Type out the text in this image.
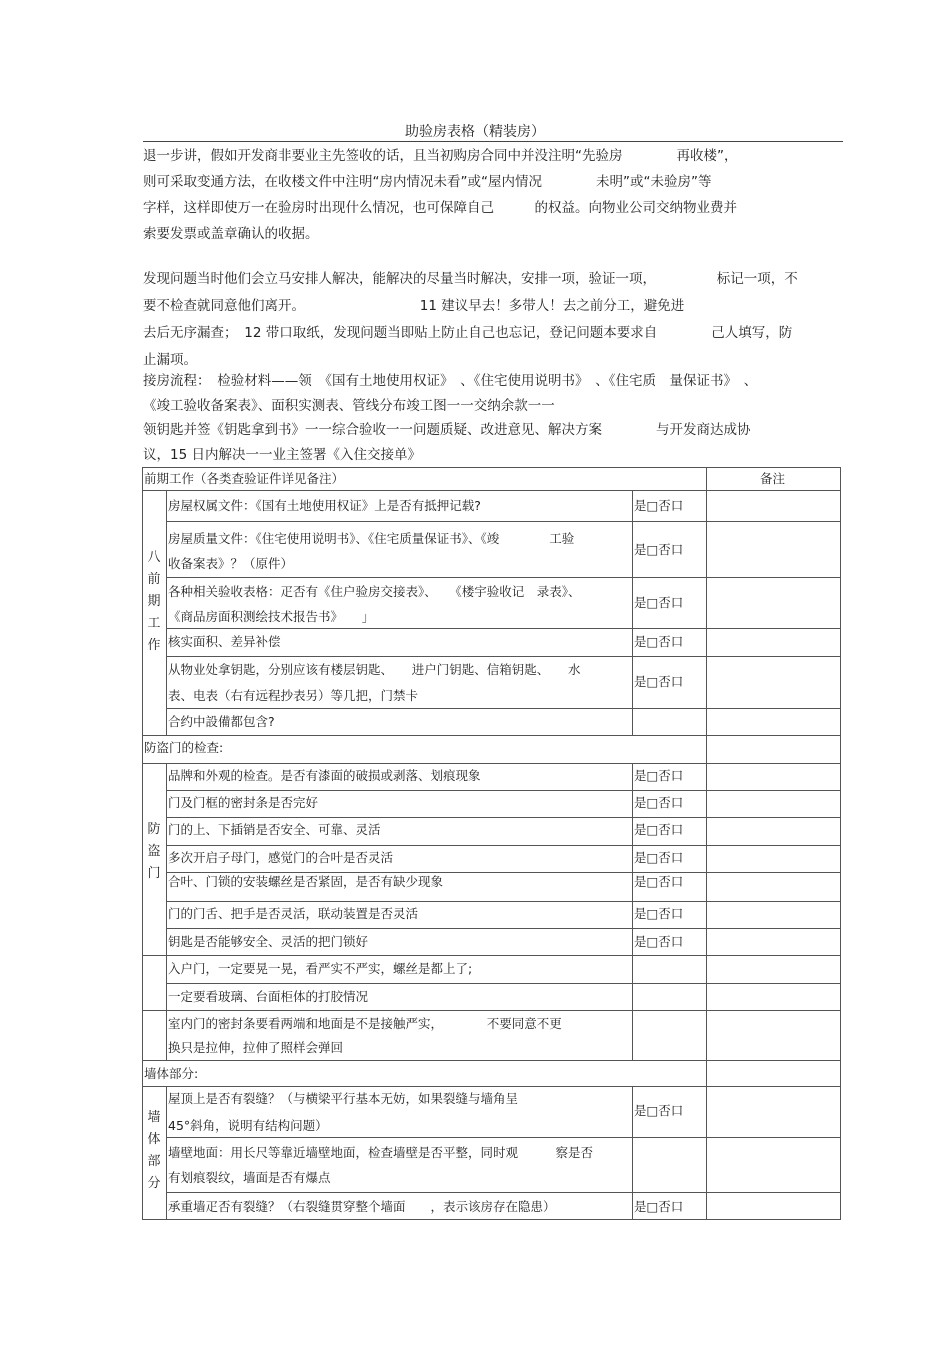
助验房表格（精装房）
退一步讲，假如开发商非要业主先签收的话，且当初购房合同中并没注明“先验房　　　　再收楼”，
则可采取变通方法，在收楼文件中注明“房内情况未看”或“屋内情况　　　　未明”或“未验房”等
字样，这样即使万一在验房时出现什么情况，也可保障自己　　　的权益。向物业公司交纳物业费并
索要发票或盖章确认的收据。
发现问题当时他们会立马安排人解决，能解决的尽量当时解决，安排一项，验证一项，　　　　　标记一项，不
要不检查就同意他们离开。　　　　　　　　　11 建议早去！多带人！去之前分工，避免进
去后无序漏查；　12 带口取纸，发现问题当即贴上防止自己也忘记，登记问题本要求自　　　　己人填写，防
止漏项。
接房流程：　检验材料——领　《国有土地使用权证》　、《住宅使用说明书》　、《住宅质　量保证书》　、
《竣工验收备案表》、面积实测表、管线分布竣工图一一交纳余款一一
领钥匙并签《钥匙拿到书》一一综合验收一一问题质疑、改进意见、解决方案　　　　与开发商达成协
议，15 日内解决一一业主签署《入住交接单》
前期工作（各类查验证件详见备注）	备注
八前期工作
房屋权属文件：《国有土地使用权证》上是否有抵押记载?
房屋质量文件：《住宅使用说明书》、《住宅质量保证书》、《竣　　　　工验
收备案表》？（原件）
各种相关验收表格：疋否有《住户验房交接表》、　　《楼宇验收记　录表》、
《商品房面积测绘技术报告书》　　」
核实面积、差异补偿
从物业处拿钥匙，分别应该有楼层钥匙、　　进户门钥匙、信箱钥匙、　　水
表、电表（右有远程抄表另）等几把，门禁卡
合约中設備都包含?
是□否口
是□否口
是□否口
是□否口
是□否口
防盗门的检查:
防盗门
品牌和外观的检查。是否有漆面的破损或剥落、划痕现象
门及门框的密封条是否完好
门的上、下插销是否安全、可靠、灵活
多次开启子母门，感觉门的合叶是否灵活
合叶、门锁的安装螺丝是否紧固，是否有缺少现象
门的门舌、把手是否灵活，联动装置是否灵活
钥匙是否能够安全、灵活的把门锁好
是□否口
是□否口
是□否口
是□否口
是□否口
是□否口
是□否口
入户门，一定要晃一晃，看严实不严实，螺丝是都上了;
一定要看玻璃、台面柜体的打胶情况
室内门的密封条要看两端和地面是不是接触严实，　　　　不要同意不更
换只是拉伸，拉伸了照样会弹回
墙体部分:
墙体部分
屋顶上是否有裂缝？（与横梁平行基本无妨，如果裂缝与墙角呈
45°斜角，说明有结构问题）
墙壁地面：用长尺等靠近墙壁地面，检查墙壁是否平整，同时观　　　察是否
有划痕裂纹，墙面是否有爆点
承重墙疋否有裂缝？（右裂缝贯穿整个墙面　　，表示该房存在隐患）
是□否口
是□否口
